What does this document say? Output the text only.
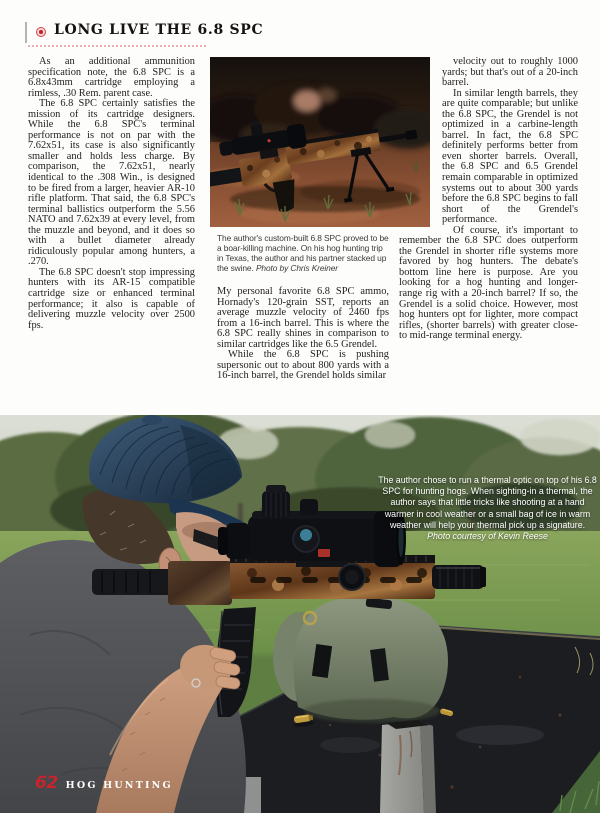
LONG LIVE THE 6.8 SPC

As an additional ammunition specification note, the 6.8 SPC is a 6.8x43mm cartridge employing a rimless, .30 Rem. parent case.

The 6.8 SPC certainly satisfies the mission of its cartridge designers. While the 6.8 SPC's terminal performance is not on par with the 7.62x51, its case is also significantly smaller and holds less charge. By comparison, the 7.62x51, nearly identical to the .308 Win., is designed to be fired from a larger, heavier AR-10 rifle platform. That said, the 6.8 SPC's terminal ballistics outperform the 5.56 NATO and 7.62x39 at every level, from the muzzle and beyond, and it does so with a bullet diameter already ridiculously popular among hunters, a .270.

The 6.8 SPC doesn't stop impressing hunters with its AR-15 compatible cartridge size or enhanced terminal performance; it also is capable of delivering muzzle velocity over 2500 fps.

The author's custom-built 6.8 SPC proved to be a boar-killing machine. On his hog hunting trip in Texas, the author and his partner stacked up the swine. Photo by Chris Kreiner

My personal favorite 6.8 SPC ammo, Hornady's 120-grain SST, reports an average muzzle velocity of 2460 fps from a 16-inch barrel. This is where the 6.8 SPC really shines in comparison to similar cartridges like the 6.5 Grendel.

While the 6.8 SPC is pushing supersonic out to about 800 yards with a 16-inch barrel, the Grendel holds similar

velocity out to roughly 1000 yards; but that's out of a 20-inch barrel.

In similar length barrels, they are quite comparable; but unlike the 6.8 SPC, the Grendel is not optimized in a carbine-length barrel. In fact, the 6.8 SPC definitely performs better from even shorter barrels. Overall, the 6.8 SPC and 6.5 Grendel remain comparable in optimized systems out to about 300 yards before the 6.8 SPC begins to fall short of the Grendel's performance.

Of course, it's important to remember the 6.8 SPC does outperform the Grendel in shorter rifle systems more favored by hog hunters. The debate's bottom line here is purpose. Are you looking for a hog hunting and longer-range rig with a 20-inch barrel? If so, the Grendel is a solid choice. However, most hog hunters opt for lighter, more compact rifles, (shorter barrels) with greater close- to mid-range terminal energy.

The author chose to run a thermal optic on top of his 6.8 SPC for hunting hogs. When sighting-in a thermal, the author says that little tricks like shooting at a hand warmer in cool weather or a small bag of ice in warm weather will help your thermal pick up a signature.
Photo courtesy of Kevin Reese
62 HOG HUNTING
